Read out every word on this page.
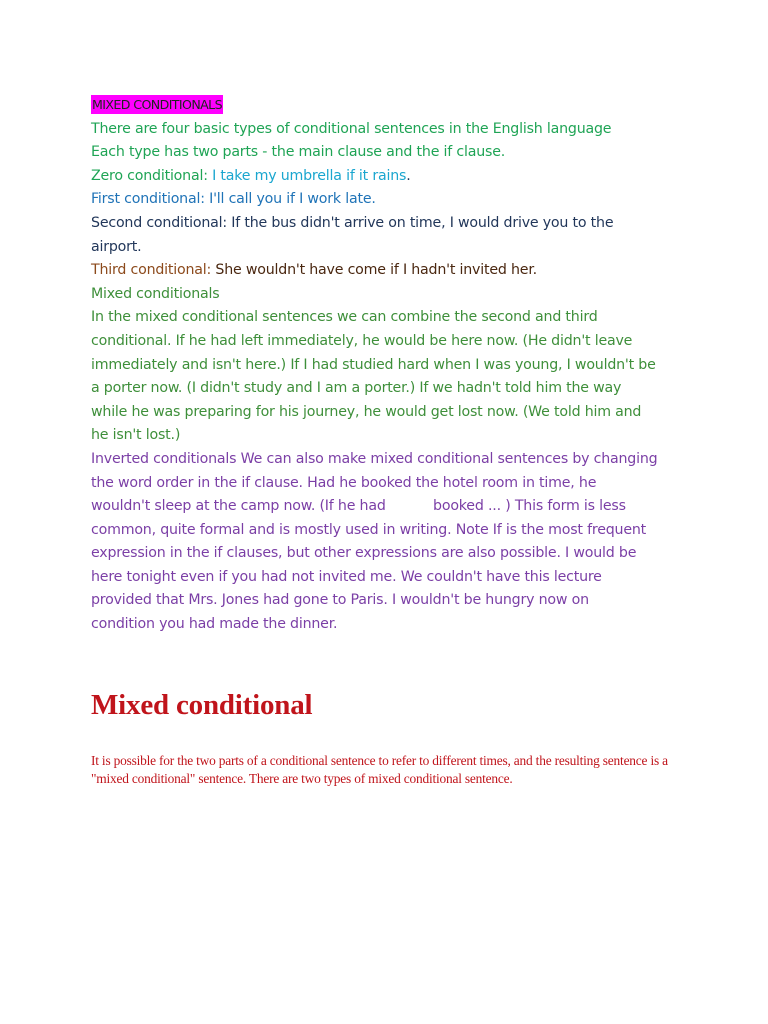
MIXED CONDITIONALS
There are four basic types of conditional sentences in the English language
Each type has two parts - the main clause and the if clause.
Zero conditional: I take my umbrella if it rains.
First conditional: I'll call you if I work late.
Second conditional: If the bus didn't arrive on time, I would drive you to the
airport.
Third conditional: She wouldn't have come if I hadn't invited her.
Mixed conditionals
In the mixed conditional sentences we can combine the second and third
conditional. If he had left immediately, he would be here now. (He didn't leave
immediately and isn't here.) If I had studied hard when I was young, I wouldn't be
a porter now. (I didn't study and I am a porter.) If we hadn't told him the way
while he was preparing for his journey, he would get lost now. (We told him and
he isn't lost.)
Inverted conditionals We can also make mixed conditional sentences by changing
the word order in the if clause. Had he booked the hotel room in time, he
wouldn't sleep at the camp now. (If he had           booked ... ) This form is less
common, quite formal and is mostly used in writing. Note If is the most frequent
expression in the if clauses, but other expressions are also possible. I would be
here tonight even if you had not invited me. We couldn't have this lecture
provided that Mrs. Jones had gone to Paris. I wouldn't be hungry now on
condition you had made the dinner.
Mixed conditional
It is possible for the two parts of a conditional sentence to refer to different times, and the resulting sentence is a "mixed conditional" sentence. There are two types of mixed conditional sentence.
